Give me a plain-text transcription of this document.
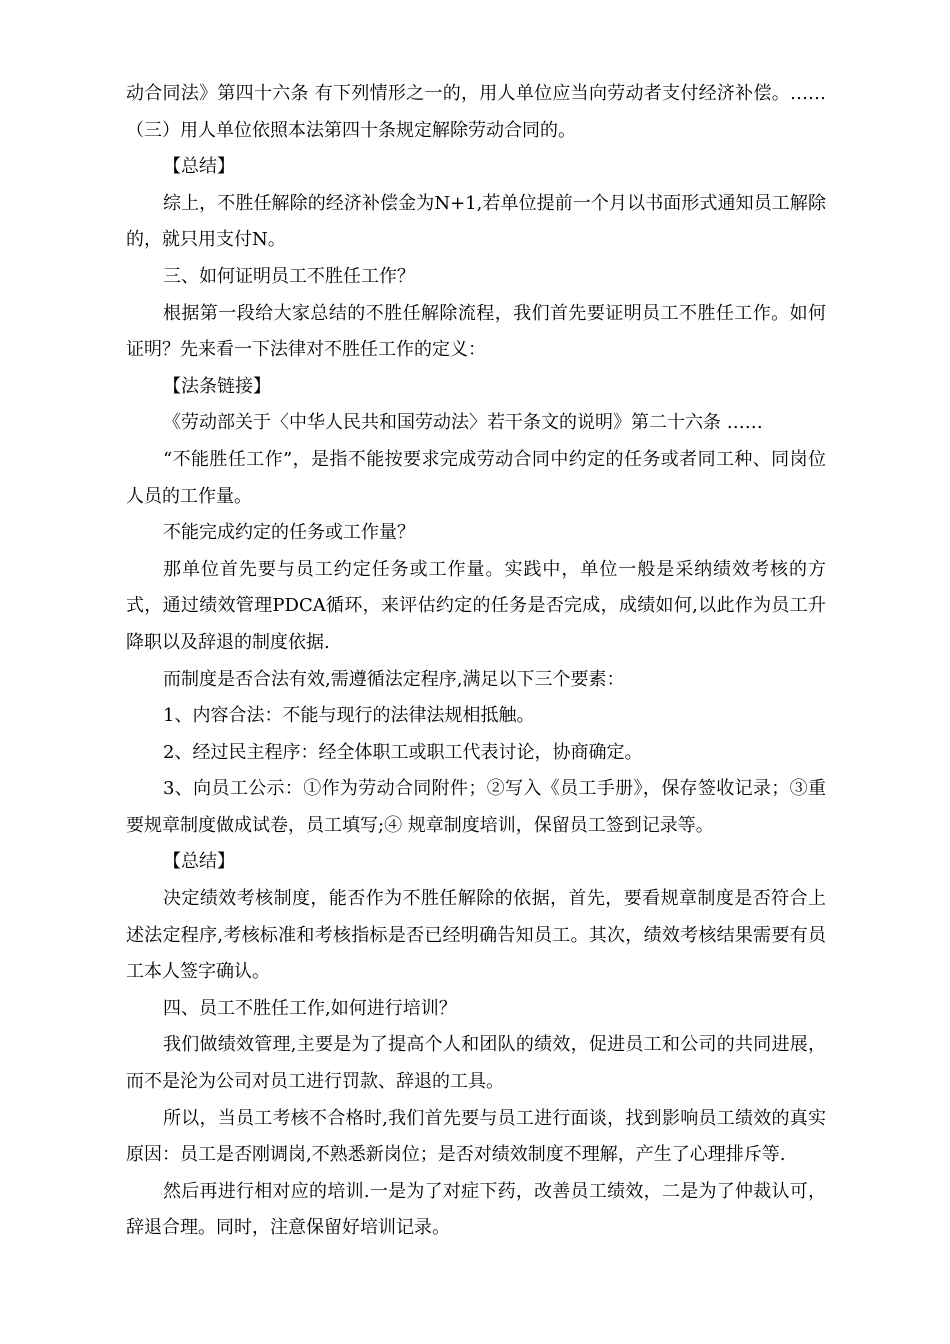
动合同法》第四十六条 有下列情形之一的，用人单位应当向劳动者支付经济补偿。……（三）用人单位依照本法第四十条规定解除劳动合同的。

【总结】

综上，不胜任解除的经济补偿金为N+1,若单位提前一个月以书面形式通知员工解除的，就只用支付N。

三、如何证明员工不胜任工作？

根据第一段给大家总结的不胜任解除流程，我们首先要证明员工不胜任工作。如何证明？先来看一下法律对不胜任工作的定义：

【法条链接】

《劳动部关于〈中华人民共和国劳动法〉若干条文的说明》第二十六条 ……

“不能胜任工作”，是指不能按要求完成劳动合同中约定的任务或者同工种、同岗位人员的工作量。

不能完成约定的任务或工作量？

那单位首先要与员工约定任务或工作量。实践中，单位一般是采纳绩效考核的方式，通过绩效管理PDCA循环，来评估约定的任务是否完成，成绩如何,以此作为员工升降职以及辞退的制度依据.

而制度是否合法有效,需遵循法定程序,满足以下三个要素：

1、内容合法：不能与现行的法律法规相抵触。

2、经过民主程序：经全体职工或职工代表讨论，协商确定。

3、向员工公示：①作为劳动合同附件；②写入《员工手册》，保存签收记录；③重要规章制度做成试卷，员工填写;④ 规章制度培训，保留员工签到记录等。

【总结】

决定绩效考核制度，能否作为不胜任解除的依据，首先，要看规章制度是否符合上述法定程序,考核标准和考核指标是否已经明确告知员工。其次，绩效考核结果需要有员工本人签字确认。

四、员工不胜任工作,如何进行培训？

我们做绩效管理,主要是为了提高个人和团队的绩效，促进员工和公司的共同进展，而不是沦为公司对员工进行罚款、辞退的工具。

所以，当员工考核不合格时,我们首先要与员工进行面谈，找到影响员工绩效的真实原因：员工是否刚调岗,不熟悉新岗位；是否对绩效制度不理解，产生了心理排斥等.

然后再进行相对应的培训.一是为了对症下药，改善员工绩效，二是为了仲裁认可，辞退合理。同时，注意保留好培训记录。
